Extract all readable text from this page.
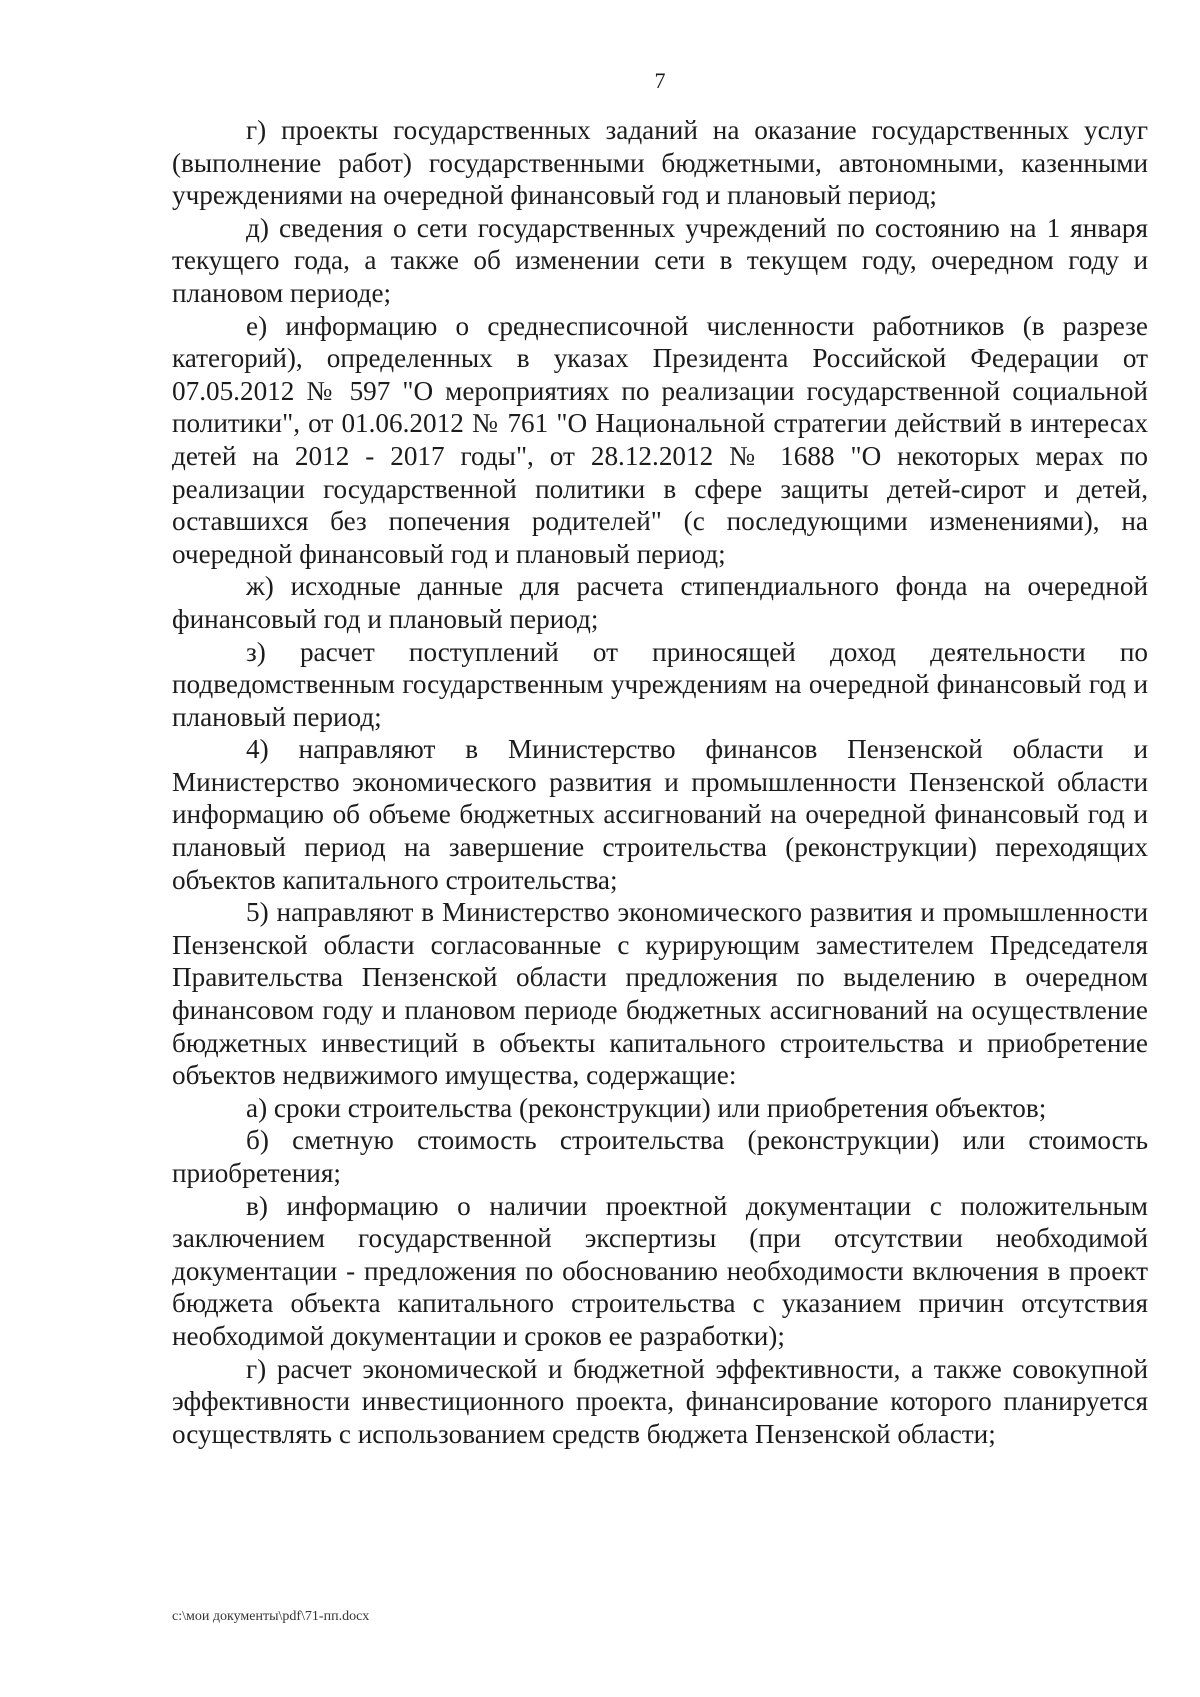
7

г) проекты государственных заданий на оказание государственных услуг (выполнение работ) государственными бюджетными, автономными, казенными учреждениями на очередной финансовый год и плановый период;

д) сведения о сети государственных учреждений по состоянию на 1 января текущего года, а также об изменении сети в текущем году, очередном году и плановом периоде;

е) информацию о среднесписочной численности работников (в разрезе категорий), определенных в указах Президента Российской Федерации от 07.05.2012 № 597 "О мероприятиях по реализации государственной социальной политики", от 01.06.2012 № 761 "О Национальной стратегии действий в интересах детей на 2012 - 2017 годы", от 28.12.2012 № 1688 "О некоторых мерах по реализации государственной политики в сфере защиты детей-сирот и детей, оставшихся без попечения родителей" (с последующими изменениями), на очередной финансовый год и плановый период;

ж) исходные данные для расчета стипендиального фонда на очередной финансовый год и плановый период;

з) расчет поступлений от приносящей доход деятельности по подведомственным государственным учреждениям на очередной финансовый год и плановый период;

4) направляют в Министерство финансов Пензенской области и Министерство экономического развития и промышленности Пензенской области информацию об объеме бюджетных ассигнований на очередной финансовый год и плановый период на завершение строительства (реконструкции) переходящих объектов капитального строительства;

5) направляют в Министерство экономического развития и промышленности Пензенской области согласованные с курирующим заместителем Председателя Правительства Пензенской области предложения по выделению в очередном финансовом году и плановом периоде бюджетных ассигнований на осуществление бюджетных инвестиций в объекты капитального строительства и приобретение объектов недвижимого имущества, содержащие:

а) сроки строительства (реконструкции) или приобретения объектов;

б) сметную стоимость строительства (реконструкции) или стоимость приобретения;

в) информацию о наличии проектной документации с положительным заключением государственной экспертизы (при отсутствии необходимой документации - предложения по обоснованию необходимости включения в проект бюджета объекта капитального строительства с указанием причин отсутствия необходимой документации и сроков ее разработки);

г) расчет экономической и бюджетной эффективности, а также совокупной эффективности инвестиционного проекта, финансирование которого планируется осуществлять с использованием средств бюджета Пензенской области;

c:\мои документы\pdf\71-пп.docx
